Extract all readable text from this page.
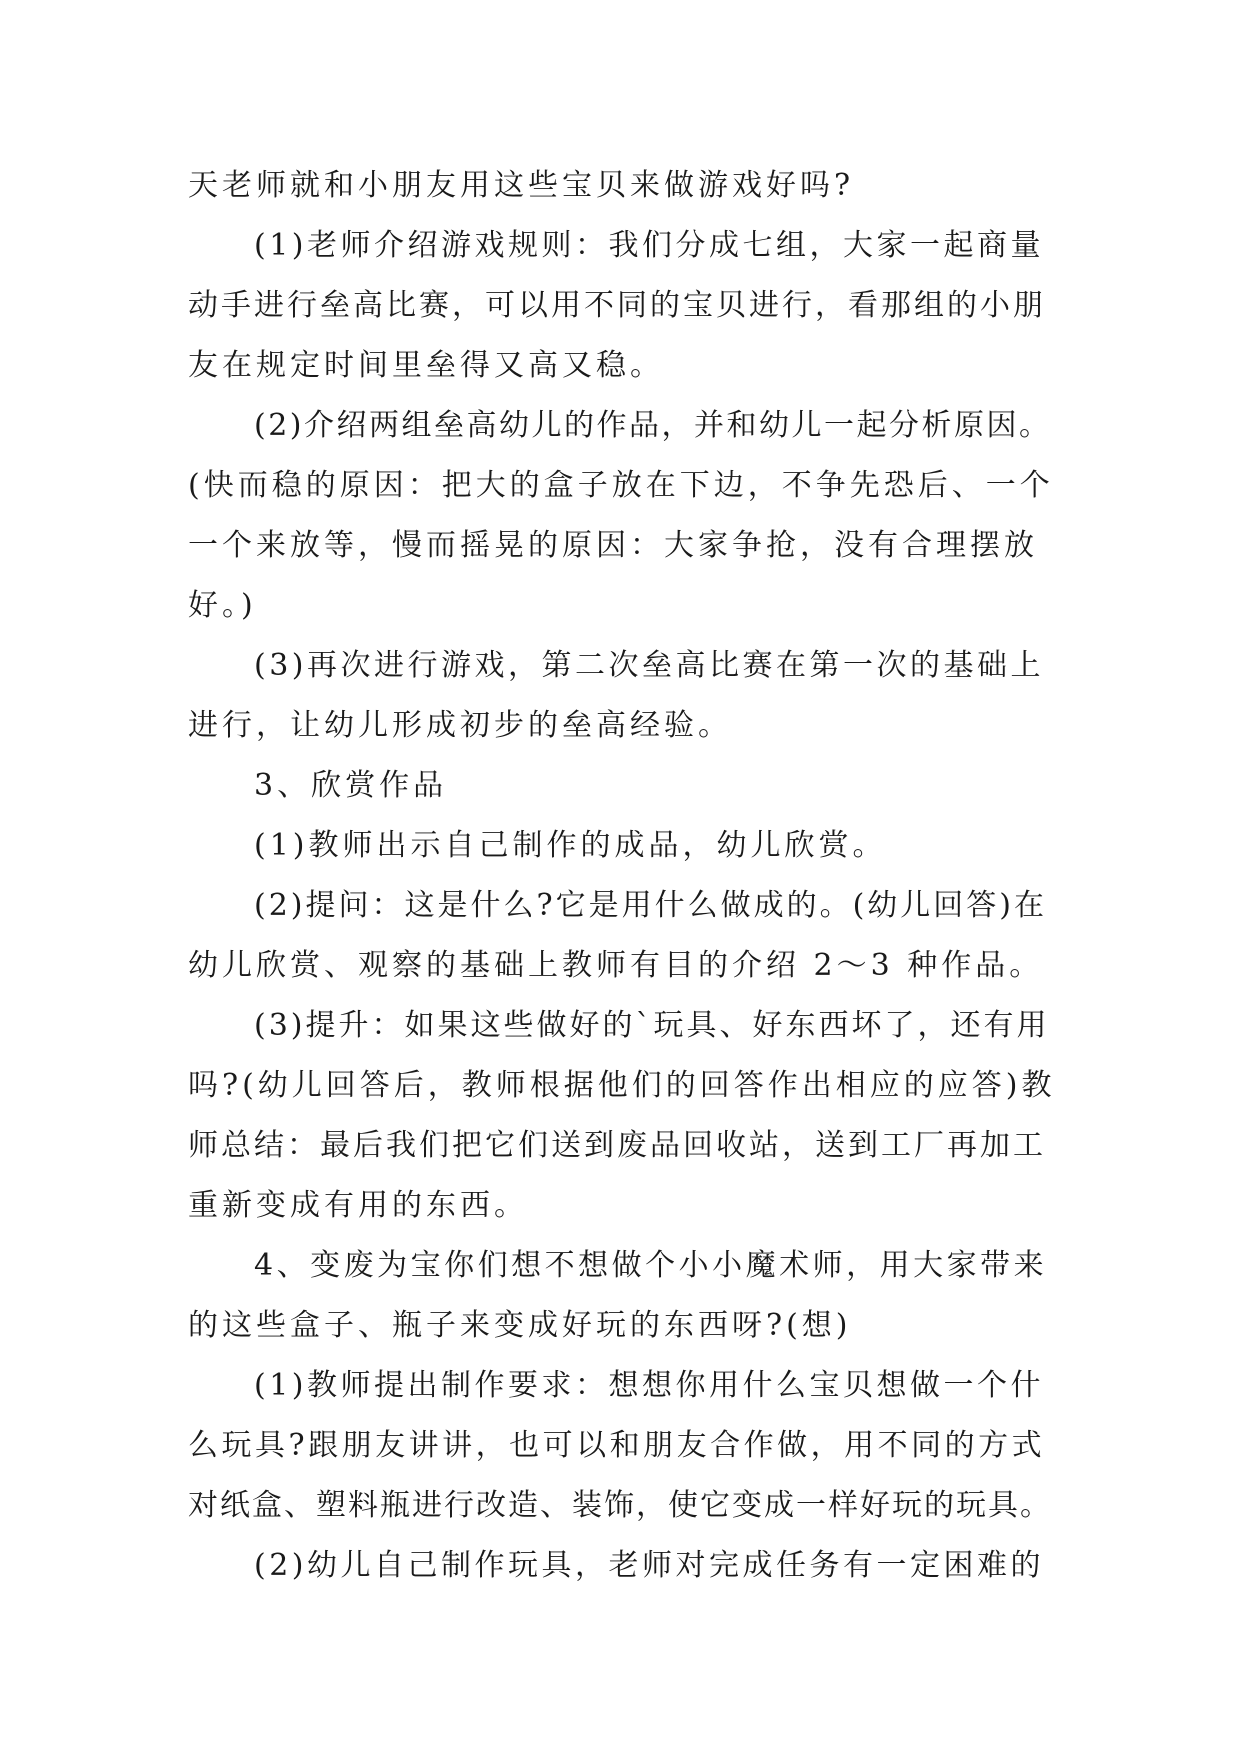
天老师就和小朋友用这些宝贝来做游戏好吗?
(1)老师介绍游戏规则：我们分成七组，大家一起商量
动手进行垒高比赛，可以用不同的宝贝进行，看那组的小朋
友在规定时间里垒得又高又稳。
(2)介绍两组垒高幼儿的作品，并和幼儿一起分析原因。
(快而稳的原因：把大的盒子放在下边，不争先恐后、一个
一个来放等，慢而摇晃的原因：大家争抢，没有合理摆放
好。)
(3)再次进行游戏，第二次垒高比赛在第一次的基础上
进行，让幼儿形成初步的垒高经验。
3、欣赏作品
(1)教师出示自己制作的成品，幼儿欣赏。
(2)提问：这是什么?它是用什么做成的。(幼儿回答)在
幼儿欣赏、观察的基础上教师有目的介绍 2～3 种作品。
(3)提升：如果这些做好的`玩具、好东西坏了，还有用
吗?(幼儿回答后，教师根据他们的回答作出相应的应答)教
师总结：最后我们把它们送到废品回收站，送到工厂再加工
重新变成有用的东西。
4、变废为宝你们想不想做个小小魔术师，用大家带来
的这些盒子、瓶子来变成好玩的东西呀?(想)
(1)教师提出制作要求：想想你用什么宝贝想做一个什
么玩具?跟朋友讲讲，也可以和朋友合作做，用不同的方式
对纸盒、塑料瓶进行改造、装饰，使它变成一样好玩的玩具。
(2)幼儿自己制作玩具，老师对完成任务有一定困难的
